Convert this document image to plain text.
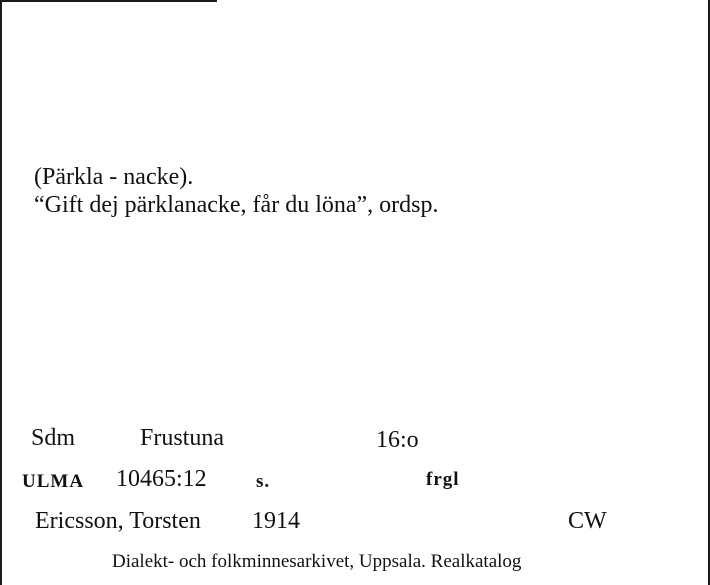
(Pärkla - nacke).
“Gift dej pärklanacke, får du löna”, ordsp.
Sdm	Frustuna	16:o
ULMA 10465:12	s.	frgl
Ericsson, Torsten 1914	CW
Dialekt- och folkminnesarkivet, Uppsala. Realkatalog
